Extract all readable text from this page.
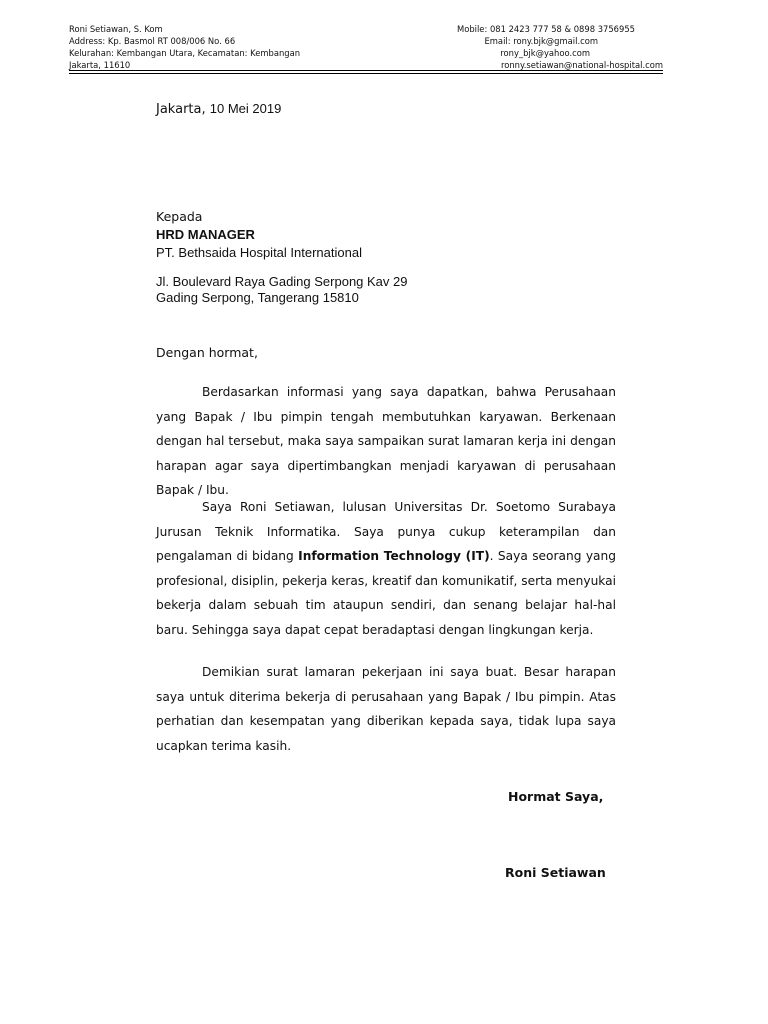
Roni Setiawan, S. Kom	Mobile: 081 2423 777 58 & 0898 3756955
Address: Kp. Basmol RT 008/006 No. 66	Email: rony.bjk@gmail.com
Kelurahan: Kembangan Utara, Kecamatan: Kembangan	rony_bjk@yahoo.com
Jakarta, 11610	ronny.setiawan@national-hospital.com
Jakarta, 10 Mei 2019
Kepada
HRD MANAGER
PT. Bethsaida Hospital International
Jl. Boulevard Raya Gading Serpong Kav 29
Gading Serpong, Tangerang 15810
Dengan hormat,
Berdasarkan informasi yang saya dapatkan, bahwa Perusahaan yang Bapak / Ibu pimpin tengah membutuhkan karyawan. Berkenaan dengan hal tersebut, maka saya sampaikan surat lamaran kerja ini dengan harapan agar saya dipertimbangkan menjadi karyawan di perusahaan Bapak / Ibu.
Saya Roni Setiawan, lulusan Universitas Dr. Soetomo Surabaya Jurusan Teknik Informatika. Saya punya cukup keterampilan dan pengalaman di bidang Information Technology (IT). Saya seorang yang profesional, disiplin, pekerja keras, kreatif dan komunikatif, serta menyukai bekerja dalam sebuah tim ataupun sendiri, dan senang belajar hal-hal baru. Sehingga saya dapat cepat beradaptasi dengan lingkungan kerja.
Demikian surat lamaran pekerjaan ini saya buat. Besar harapan saya untuk diterima bekerja di perusahaan yang Bapak / Ibu pimpin. Atas perhatian dan kesempatan yang diberikan kepada saya, tidak lupa saya ucapkan terima kasih.
Hormat Saya,
Roni Setiawan
